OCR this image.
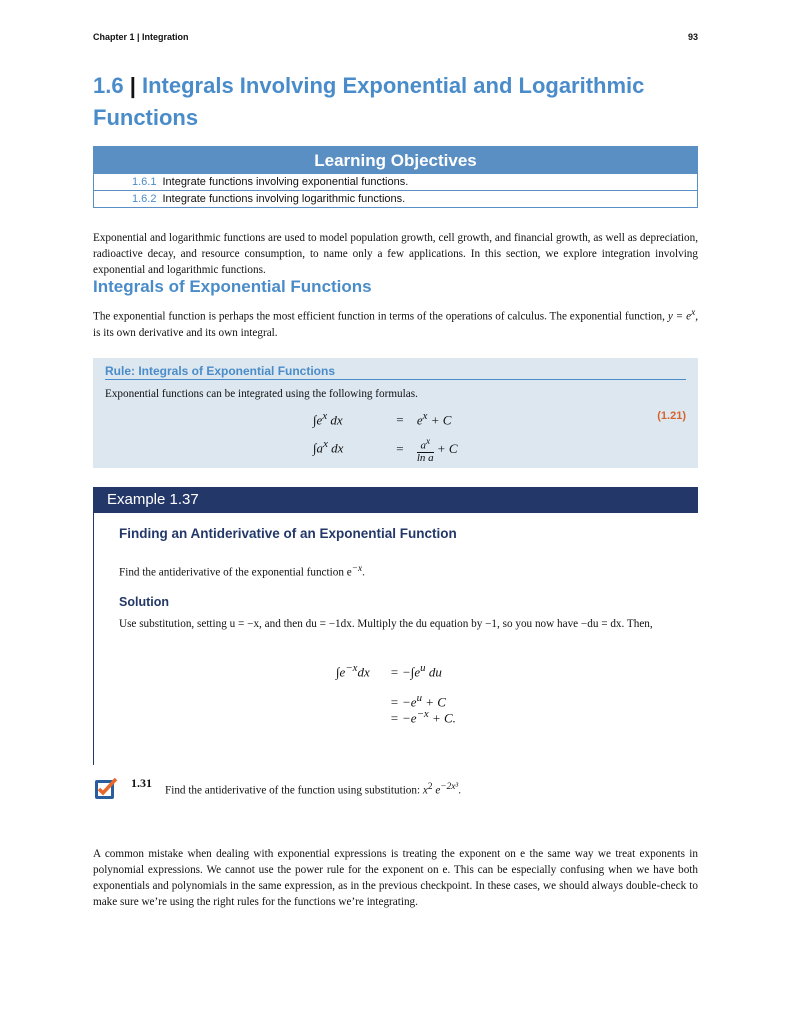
Chapter 1 | Integration	93
1.6 | Integrals Involving Exponential and Logarithmic Functions
Learning Objectives
1.6.1 Integrate functions involving exponential functions.
1.6.2 Integrate functions involving logarithmic functions.

Exponential and logarithmic functions are used to model population growth, cell growth, and financial growth, as well as depreciation, radioactive decay, and resource consumption, to name only a few applications. In this section, we explore integration involving exponential and logarithmic functions.

Integrals of Exponential Functions

The exponential function is perhaps the most efficient function in terms of the operations of calculus. The exponential function, $y = e^x$, is its own derivative and its own integral.

Rule: Integrals of Exponential Functions
Exponential functions can be integrated using the following formulas.
$\int e^x$ dx	= $e^x + C$
$\int a^x$ dx	= $\frac{a^x}{\text{ln a}} + C$
(1.21)
Example 1.37
Finding an Antiderivative of an Exponential Function
Find the antiderivative of the exponential function $e^{-x}$.
Solution

Use substitution, setting u = −x, and then du = −1dx. Multiply the du equation by −1, so you now have −du = dx. Then,

$\int e^{-x}dx = -\int e^u$ du
= $-e^u + C$
= $-e^{-x} + C$.
1.31
Find the antiderivative of the function using substitution: $x^2$ $e^{-2x^3}$.

A common mistake when dealing with exponential expressions is treating the exponent on e the same way we treat exponents in polynomial expressions. We cannot use the power rule for the exponent on e. This can be especially confusing when we have both exponentials and polynomials in the same expression, as in the previous checkpoint. In these cases, we should always double-check to make sure we’re using the right rules for the functions we’re integrating.
